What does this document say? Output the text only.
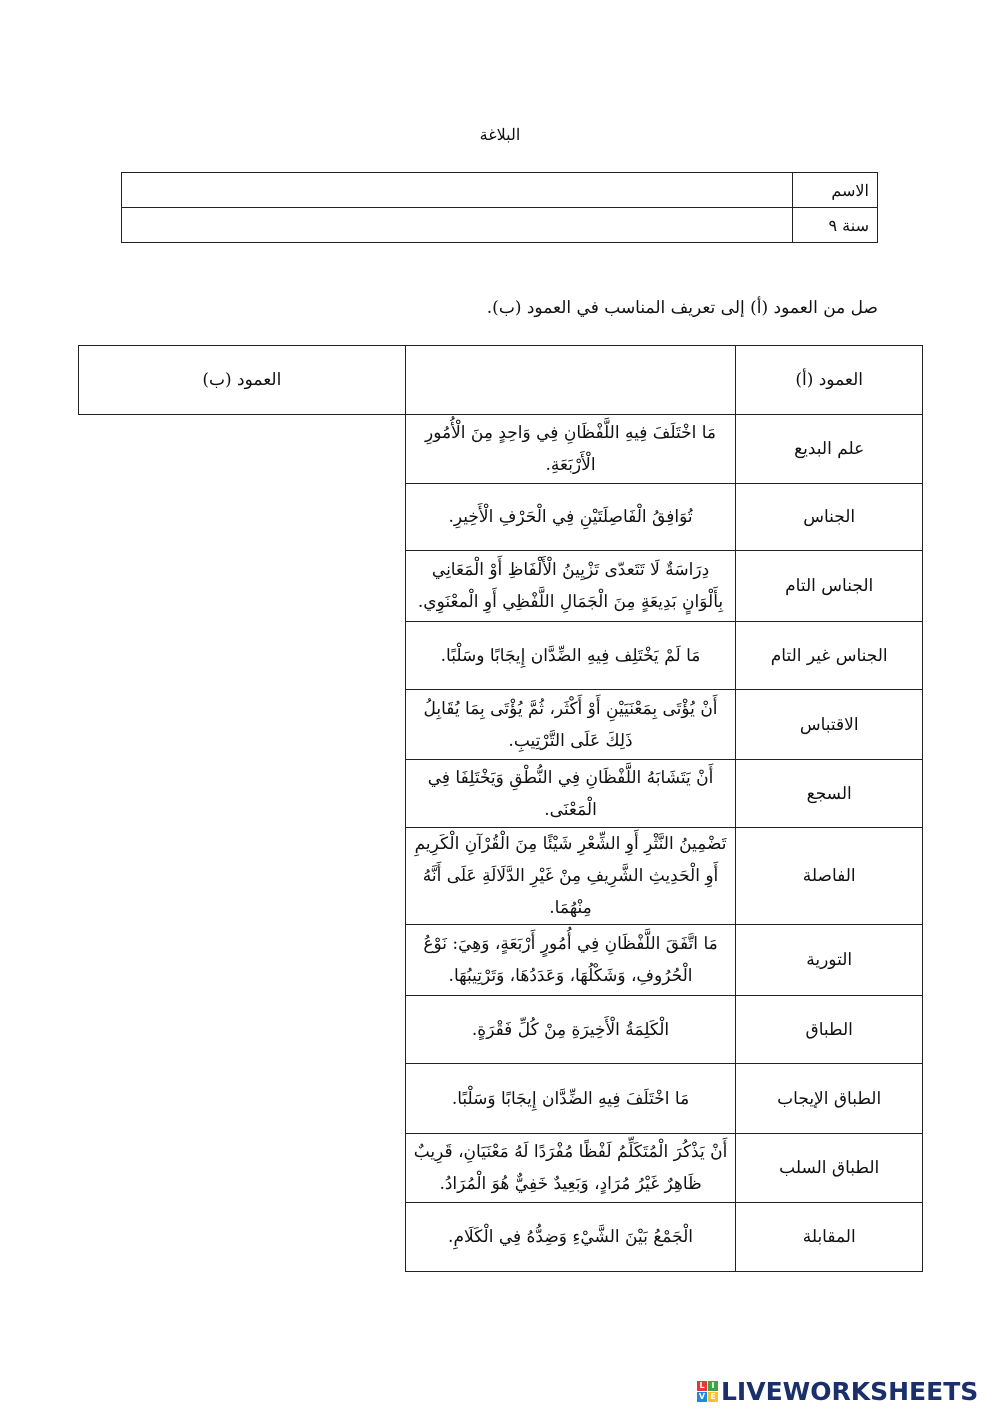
البلاغة
الاسم	
سنة ٩	
صل من العمود (أ) إلى تعريف المناسب في العمود (ب).
العمود (أ)		العمود (ب)
علم البديع	مَا اخْتَلَفَ فِيهِ اللَّفْظَانِ فِي وَاحِدٍ مِنَ الْأُمُورِ الْأَرْبَعَةِ.	
الجناس	تُوَافِقُ الْفَاصِلَتَيْنِ فِي الْحَرْفِ الْأَخِيرِ.	
الجناس التام	دِرَاسَةٌ لَا تَتَعدّى تَزْيِينُ الْأَلْفَاظِ أَوْ الْمَعَانِي بِأَلْوَانٍ بَدِيعَةٍ مِنَ الْجَمَالِ اللَّفْظِي أَوِ الْمعْنَوِي.	
الجناس غير التام	مَا لَمْ يَخْتَلِف فِيهِ الضِّدَّان إِيجَابًا وسَلْبًا.	
الاقتباس	أَنْ يُؤْتَى بِمَعْنَيَيْنِ أَوْ أَكْثَر، ثُمَّ يُؤْتَى بِمَا يُقَابِلُ ذَلِكَ عَلَى التَّرْتِيبِ.	
السجع	أَنْ يَتَشَابَهُ اللَّفْظَانِ فِي النُّطْقِ وَيَخْتَلِفَا فِي الْمَعْنَى.	
الفاصلة	تَضْمِينُ النَّثْرِ أَوِ الشِّعْرِ شَيْئًا مِنَ الْقُرْآنِ الْكَرِيمِ أَوِ الْحَدِيثِ الشَّرِيفِ مِنْ غَيْرِ الدَّلَالَةِ عَلَى أَنَّهُ مِنْهُمَا.	
التورية	مَا اتَّفَقَ اللَّفْظَانِ فِي أُمُورٍ أَرْبَعَةٍ، وَهِيَ: نَوْعُ الْحُرُوفِ، وَشَكْلُهَا، وَعَدَدُهَا، وَتَرْتِيبُهَا.	
الطباق	الْكَلِمَةُ الْأَخِيرَةِ مِنْ كُلِّ فَقْرَةٍ.	
الطباق الإيجاب	مَا اخْتَلَفَ فِيهِ الضِّدَّان إِيجَابًا وَسَلْبًا.	
الطباق السلب	أَنْ يَذْكُرَ الْمُتَكَلِّمُ لَفْظًا مُفْرَدًا لَهُ مَعْنَيَانِ، قَرِيبٌ ظَاهِرٌ غَيْرُ مُرَادٍ، وَبَعِيدٌ خَفِيٌّ هُوَ الْمُرَادُ.	
المقابلة	الْجَمْعُ بَيْنَ الشَّيْءِ وَضِدُّهُ فِي الْكَلَامِ.	
L I
V E LIVEWORKSHEETS
